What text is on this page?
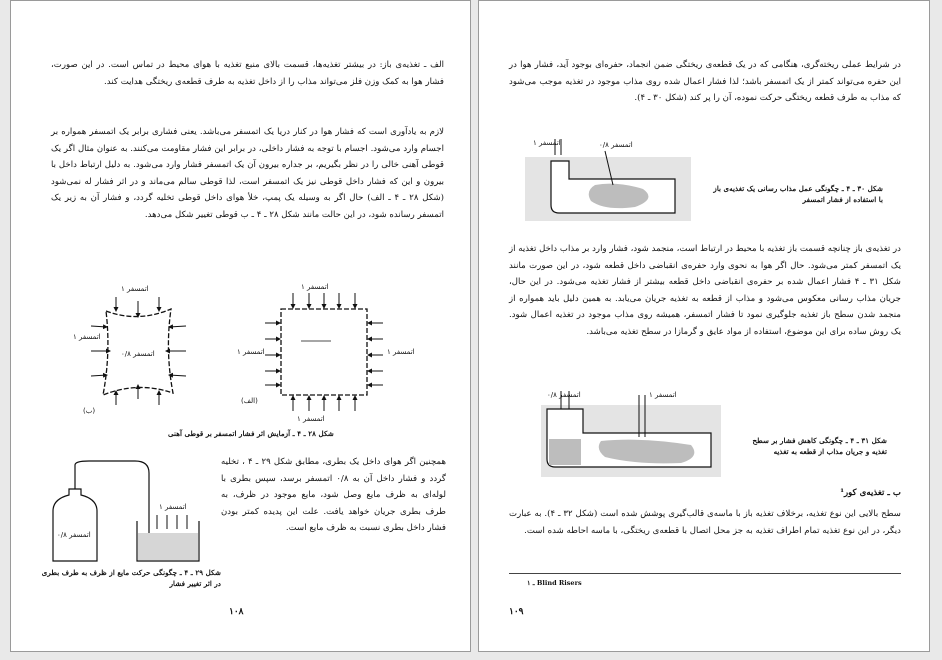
الف ـ تغذیه‌ی باز: در بیشتر تغذیه‌ها، قسمت بالای منبع تغذیه با هوای محیط در تماس است. در این صورت، فشار هوا به کمک وزن فلز می‌تواند مذاب را از داخل تغذیه به طرف قطعه‌ی ریختگی هدایت کند.

لازم به یادآوری است که فشار هوا در کنار دریا یک اتمسفر می‌باشد. یعنی فشاری برابر یک اتمسفر همواره بر اجسام وارد می‌شود. اجسام با توجه به فشار داخلی، در برابر این فشار مقاومت می‌کنند. به عنوان مثال اگر یک قوطی آهنی خالی را در نظر بگیریم، بر جداره بیرون آن یک اتمسفر فشار وارد می‌شود. به دلیل ارتباط داخل با بیرون و این که فشار داخل قوطی نیز یک اتمسفر است، لذا قوطی سالم می‌ماند و در اثر فشار له نمی‌شود (شکل ۲۸ ـ ۴ ـ الف) حال اگر به وسیله یک پمپ، خلأ هوای داخل قوطی تخلیه گردد، و فشار آن به زیر یک اتمسفر رسانده شود، در این حالت مانند شکل ۲۸ ـ ۴ ـ ب قوطی تغییر شکل می‌دهد.

۱ اتمسفر
۱ اتمسفر
۰/۸ اتمسفر
(ب)
۱ اتمسفر
۱ اتمسفر	۱ اتمسفر
۱ اتمسفر
(الف)

شکل ۲۸ ـ ۴ ـ آزمایش اثر فشار اتمسفر بر قوطی آهنی

همچنین اگر هوای داخل یک بطری، مطابق شکل ۲۹ ـ ۴ ، تخلیه گردد و فشار داخل آن به ۰/۸ اتمسفر برسد، سپس بطری با لوله‌ای به ظرف مایع وصل شود، مایع موجود در ظرف، به طرف بطری جریان خواهد یافت. علت این پدیده کمتر بودن فشار داخل بطری نسبت به ظرف مایع است.

۱ اتمسفر
۰/۸ اتمسفر

شکل ۲۹ ـ ۴ ـ چگونگی حرکت مایع از ظرف به طرف بطری در اثر تغییر فشار

۱۰۸

در شرایط عملی ریخته‌گری، هنگامی که در یک قطعه‌ی ریختگی ضمن انجماد، حفره‌ای بوجود آید، فشار هوا در این حفره می‌تواند کمتر از یک اتمسفر باشد؛ لذا فشار اعمال شده روی مذاب موجود در تغذیه موجب می‌شود که مذاب به طرف قطعه ریختگی حرکت نموده، آن را پر کند (شکل ۳۰ ـ ۴).

۱ اتمسفر	۰/۸ اتمسفر

شکل ۳۰ ـ ۴ ـ چگونگی عمل مذاب رسانی یک تغذیه‌ی باز با استفاده از فشار اتمسفر

در تغذیه‌ی باز چنانچه قسمت باز تغذیه با محیط در ارتباط است، منجمد شود، فشار وارد بر مذاب داخل تغذیه از یک اتمسفر کمتر می‌شود. حال اگر هوا به نحوی وارد حفره‌ی انقباضی داخل قطعه شود، در این صورت مانند شکل ۳۱ ـ ۴ فشار اعمال شده بر حفره‌ی انقباضی داخل قطعه بیشتر از فشار تغذیه می‌شود. در این حال، جریان مذاب رسانی معکوس می‌شود و مذاب از قطعه به تغذیه جریان می‌یابد. به همین دلیل باید همواره از منجمد شدن سطح باز تغذیه جلوگیری نمود تا فشار اتمسفر، همیشه روی مذاب موجود در تغذیه اعمال شود. یک روش ساده برای این موضوع، استفاده از مواد عایق و گرمازا در سطح تغذیه می‌باشد.

۰/۸ اتمسفر	۱ اتمسفر

شکل ۳۱ ـ ۴ ـ چگونگی کاهش فشار بر سطح تغذیه و جریان مذاب از قطعه به تغذیه

ب ـ تغذیه‌ی کور¹

سطح بالایی این نوع تغذیه، برخلاف تغذیه باز با ماسه‌ی قالب‌گیری پوشش شده است (شکل ۳۲ ـ ۴). به عبارت دیگر، در این نوع تغذیه تمام اطراف تغذیه به جز محل اتصال با قطعه‌ی ریختگی، با ماسه احاطه شده است.

۱ ـ Blind Risers
۱۰۹
